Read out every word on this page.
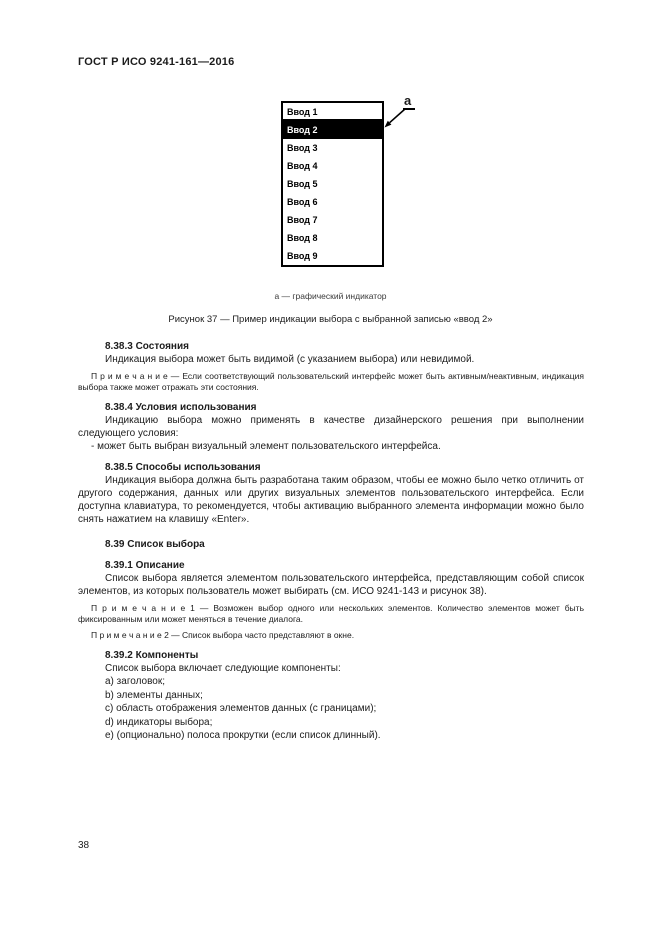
ГОСТ Р ИСО 9241-161—2016
Ввод 1
Ввод 2
Ввод 3
Ввод 4
Ввод 5
Ввод 6
Ввод 7
Ввод 8
Ввод 9
а
а — графический индикатор
Рисунок 37 — Пример индикации выбора с выбранной записью «ввод 2»

8.38.3 Состояния

Индикация выбора может быть видимой (с указанием выбора) или невидимой.

П р и м е ч а н и е — Если соответствующий пользовательский интерфейс может быть активным/неактивным, индикация выбора также может отражать эти состояния.

8.38.4 Условия использования

Индикацию выбора можно применять в качестве дизайнерского решения при выполнении следующего условия:

- может быть выбран визуальный элемент пользовательского интерфейса.

8.38.5 Способы использования

Индикация выбора должна быть разработана таким образом, чтобы ее можно было четко отличить от другого содержания, данных или других визуальных элементов пользовательского интерфейса. Если доступна клавиатура, то рекомендуется, чтобы активацию выбранного элемента информации можно было снять нажатием на клавишу «Enter».

8.39 Список выбора

8.39.1 Описание

Список выбора является элементом пользовательского интерфейса, представляющим собой список элементов, из которых пользователь может выбирать (см. ИСО 9241-143 и рисунок 38).

П р и м е ч а н и е 1 — Возможен выбор одного или нескольких элементов. Количество элементов может быть фиксированным или может меняться в течение диалога.

П р и м е ч а н и е 2 — Список выбора часто представляют в окне.

8.39.2 Компоненты

Список выбора включает следующие компоненты:

a) заголовок;

b) элементы данных;

c) область отображения элементов данных (с границами);

d) индикаторы выбора;

e) (опционально) полоса прокрутки (если список длинный).

38
